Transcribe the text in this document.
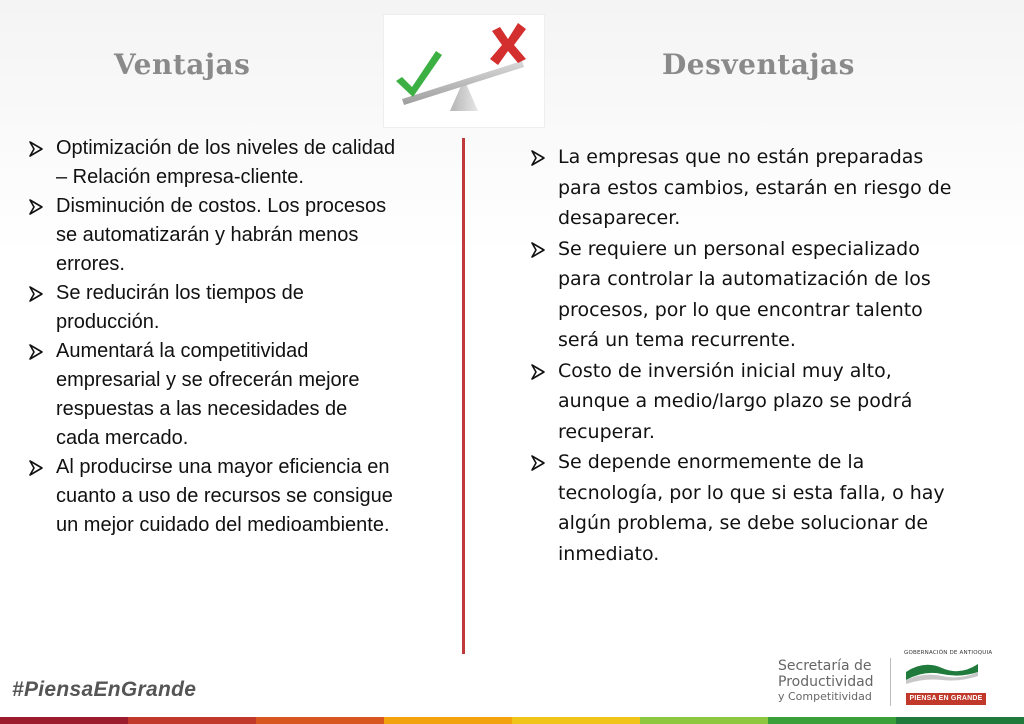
Ventajas	Desventajas
Optimización de los niveles de calidad – Relación empresa-cliente.
Disminución de costos. Los procesos se automatizarán y habrán menos errores.
Se reducirán los tiempos de producción.
Aumentará la competitividad empresarial y se ofrecerán mejore respuestas a las necesidades de cada mercado.
Al producirse una mayor eficiencia en cuanto a uso de recursos se consigue un mejor cuidado del medioambiente.
La empresas que no están preparadas para estos cambios, estarán en riesgo de desaparecer.
Se requiere un personal especializado para controlar la automatización de los procesos, por lo que encontrar talento será un tema recurrente.
Costo de inversión inicial muy alto, aunque a medio/largo plazo se podrá recuperar.
Se depende enormemente de la tecnología, por lo que si esta falla, o hay algún problema, se debe solucionar de inmediato.
#PiensaEnGrande
Secretaría de
Productividad
y Competitividad
GOBERNACIÓN DE ANTIOQUIA
PIENSA EN GRANDE
